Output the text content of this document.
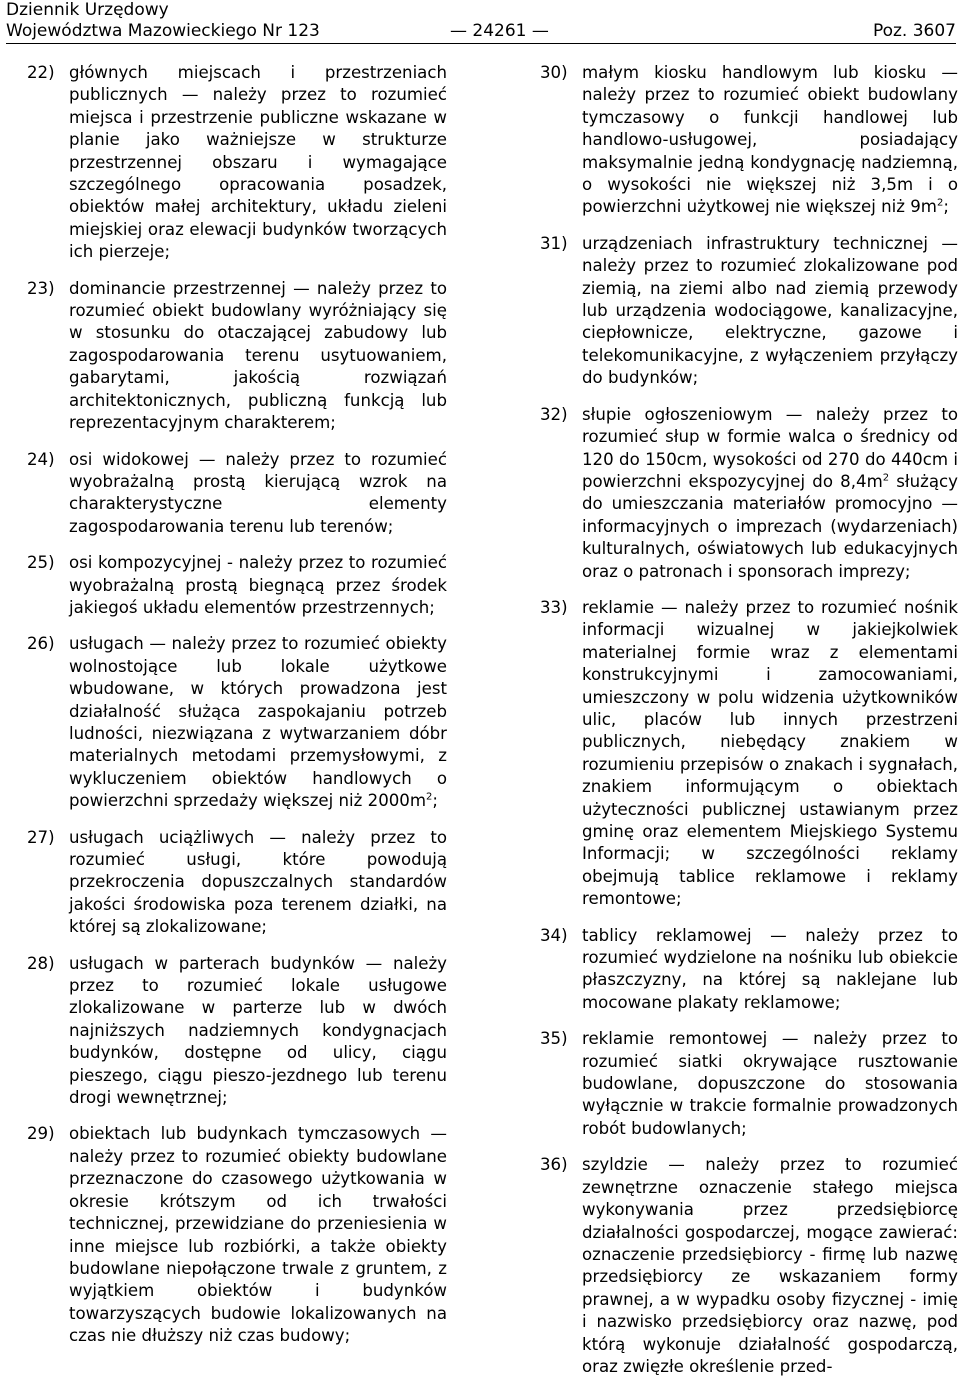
Dziennik Urzędowy
Województwa Mazowieckiego Nr 123	— 24261 —	Poz. 3607
22) głównych miejscach i przestrzeniach publicznych — należy przez to rozumieć miejsca i przestrzenie publiczne wskazane w planie jako ważniejsze w strukturze przestrzennej obszaru i wymagające szczególnego opracowania posadzek, obiektów małej architektury, układu zieleni miejskiej oraz elewacji budynków tworzących ich pierzeje;
23) dominancie przestrzennej — należy przez to rozumieć obiekt budowlany wyróżniający się w stosunku do otaczającej zabudowy lub zagospodarowania terenu usytuowaniem, gabarytami, jakością rozwiązań architektonicznych, publiczną funkcją lub reprezentacyjnym charakterem;
24) osi widokowej — należy przez to rozumieć wyobrażalną prostą kierującą wzrok na charakterystyczne elementy zagospodarowania terenu lub terenów;
25) osi kompozycyjnej - należy przez to rozumieć wyobrażalną prostą biegnącą przez środek jakiegoś układu elementów przestrzennych;
26) usługach — należy przez to rozumieć obiekty wolnostojące lub lokale użytkowe wbudowane, w których prowadzona jest działalność służąca zaspokajaniu potrzeb ludności, niezwiązana z wytwarzaniem dóbr materialnych metodami przemysłowymi, z wykluczeniem obiektów handlowych o powierzchni sprzedaży większej niż $2000m^2$;
27) usługach uciążliwych — należy przez to rozumieć usługi, które powodują przekroczenia dopuszczalnych standardów jakości środowiska poza terenem działki, na której są zlokalizowane;
28) usługach w parterach budynków — należy przez to rozumieć lokale usługowe zlokalizowane w parterze lub w dwóch najniższych nadziemnych kondygnacjach budynków, dostępne od ulicy, ciągu pieszego, ciągu pieszo-jezdnego lub terenu drogi wewnętrznej;
29) obiektach lub budynkach tymczasowych — należy przez to rozumieć obiekty budowlane przeznaczone do czasowego użytkowania w okresie krótszym od ich trwałości technicznej, przewidziane do przeniesienia w inne miejsce lub rozbiórki, a także obiekty budowlane niepołączone trwale z gruntem, z wyjątkiem obiektów i budynków towarzyszących budowie lokalizowanych na czas nie dłuższy niż czas budowy;
30) małym kiosku handlowym lub kiosku — należy przez to rozumieć obiekt budowlany tymczasowy o funkcji handlowej lub handlowo-usługowej, posiadający maksymalnie jedną kondygnację nadziemną, o wysokości nie większej niż 3,5m i o powierzchni użytkowej nie większej niż $9m^2$;
31) urządzeniach infrastruktury technicznej — należy przez to rozumieć zlokalizowane pod ziemią, na ziemi albo nad ziemią przewody lub urządzenia wodociągowe, kanalizacyjne, ciepłownicze, elektryczne, gazowe i telekomunikacyjne, z wyłączeniem przyłączy do budynków;
32) słupie ogłoszeniowym — należy przez to rozumieć słup w formie walca o średnicy od 120 do 150cm, wysokości od 270 do 440cm i powierzchni ekspozycyjnej do $8,4m^2$ służący do umieszczania materiałów promocyjno — informacyjnych o imprezach (wydarzeniach) kulturalnych, oświatowych lub edukacyjnych oraz o patronach i sponsorach imprezy;
33) reklamie — należy przez to rozumieć nośnik informacji wizualnej w jakiejkolwiek materialnej formie wraz z elementami konstrukcyjnymi i zamocowaniami, umieszczony w polu widzenia użytkowników ulic, placów lub innych przestrzeni publicznych, niebędący znakiem w rozumieniu przepisów o znakach i sygnałach, znakiem informującym o obiektach użyteczności publicznej ustawianym przez gminę oraz elementem Miejskiego Systemu Informacji; w szczególności reklamy obejmują tablice reklamowe i reklamy remontowe;
34) tablicy reklamowej — należy przez to rozumieć wydzielone na nośniku lub obiekcie płaszczyzny, na której są naklejane lub mocowane plakaty reklamowe;
35) reklamie remontowej — należy przez to rozumieć siatki okrywające rusztowanie budowlane, dopuszczone do stosowania wyłącznie w trakcie formalnie prowadzonych robót budowlanych;
36) szyldzie — należy przez to rozumieć zewnętrzne oznaczenie stałego miejsca wykonywania przez przedsiębiorcę działalności gospodarczej, mogące zawierać: oznaczenie przedsiębiorcy - firmę lub nazwę przedsiębiorcy ze wskazaniem formy prawnej, a w wypadku osoby fizycznej - imię i nazwisko przedsiębiorcy oraz nazwę, pod którą wykonuje działalność gospodarczą, oraz zwięzłe określenie przed-
